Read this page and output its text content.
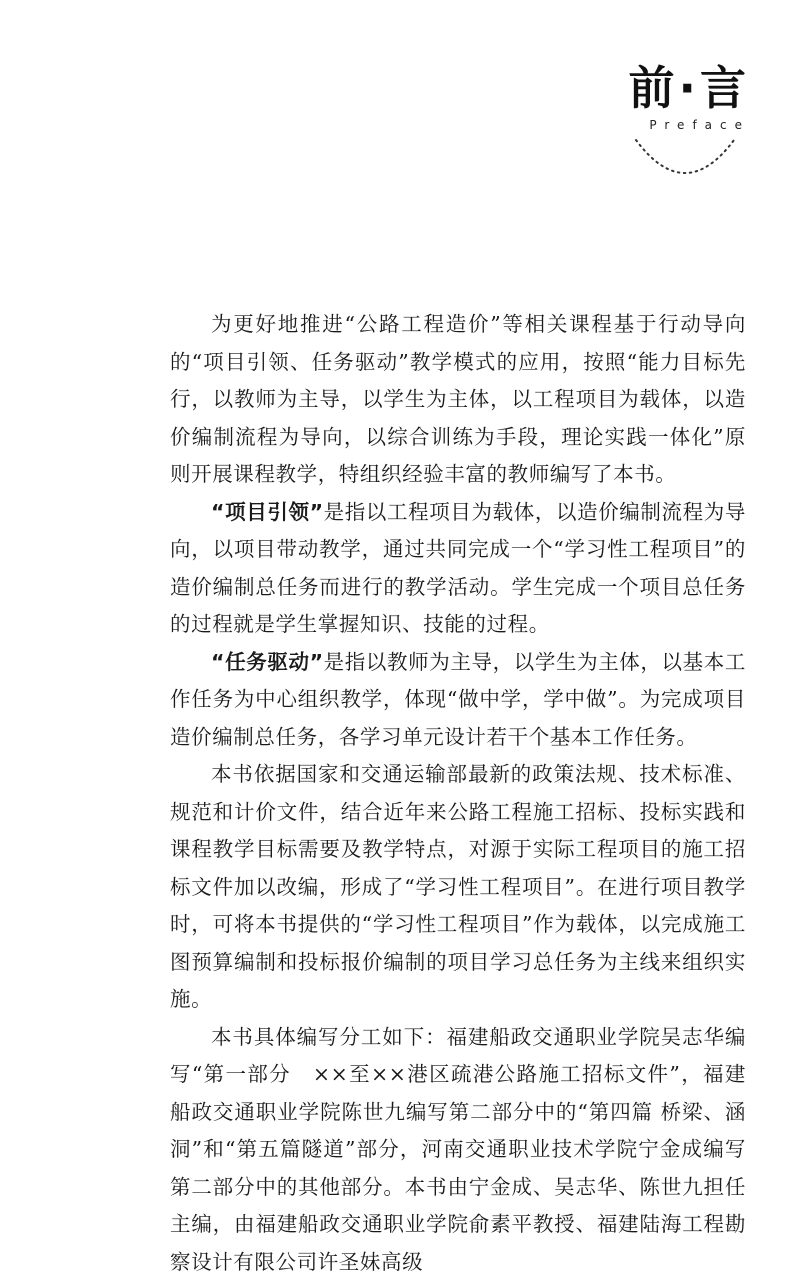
前·言
Preface

为更好地推进“公路工程造价”等相关课程基于行动导向的“项目引领、任务驱动”教学模式的应用，按照“能力目标先行，以教师为主导，以学生为主体，以工程项目为载体，以造价编制流程为导向，以综合训练为手段，理论实践一体化”原则开展课程教学，特组织经验丰富的教师编写了本书。

“项目引领”是指以工程项目为载体，以造价编制流程为导向，以项目带动教学，通过共同完成一个“学习性工程项目”的造价编制总任务而进行的教学活动。学生完成一个项目总任务的过程就是学生掌握知识、技能的过程。

“任务驱动”是指以教师为主导，以学生为主体，以基本工作任务为中心组织教学，体现“做中学，学中做”。为完成项目造价编制总任务，各学习单元设计若干个基本工作任务。

本书依据国家和交通运输部最新的政策法规、技术标准、规范和计价文件，结合近年来公路工程施工招标、投标实践和课程教学目标需要及教学特点，对源于实际工程项目的施工招标文件加以改编，形成了“学习性工程项目”。在进行项目教学时，可将本书提供的“学习性工程项目”作为载体，以完成施工图预算编制和投标报价编制的项目学习总任务为主线来组织实施。

本书具体编写分工如下：福建船政交通职业学院吴志华编写“第一部分　××至××港区疏港公路施工招标文件”，福建船政交通职业学院陈世九编写第二部分中的“第四篇 桥梁、涵洞”和“第五篇隧道”部分，河南交通职业技术学院宁金成编写第二部分中的其他部分。本书由宁金成、吴志华、陈世九担任主编，由福建船政交通职业学院俞素平教授、福建陆海工程勘察设计有限公司许圣妹高级
